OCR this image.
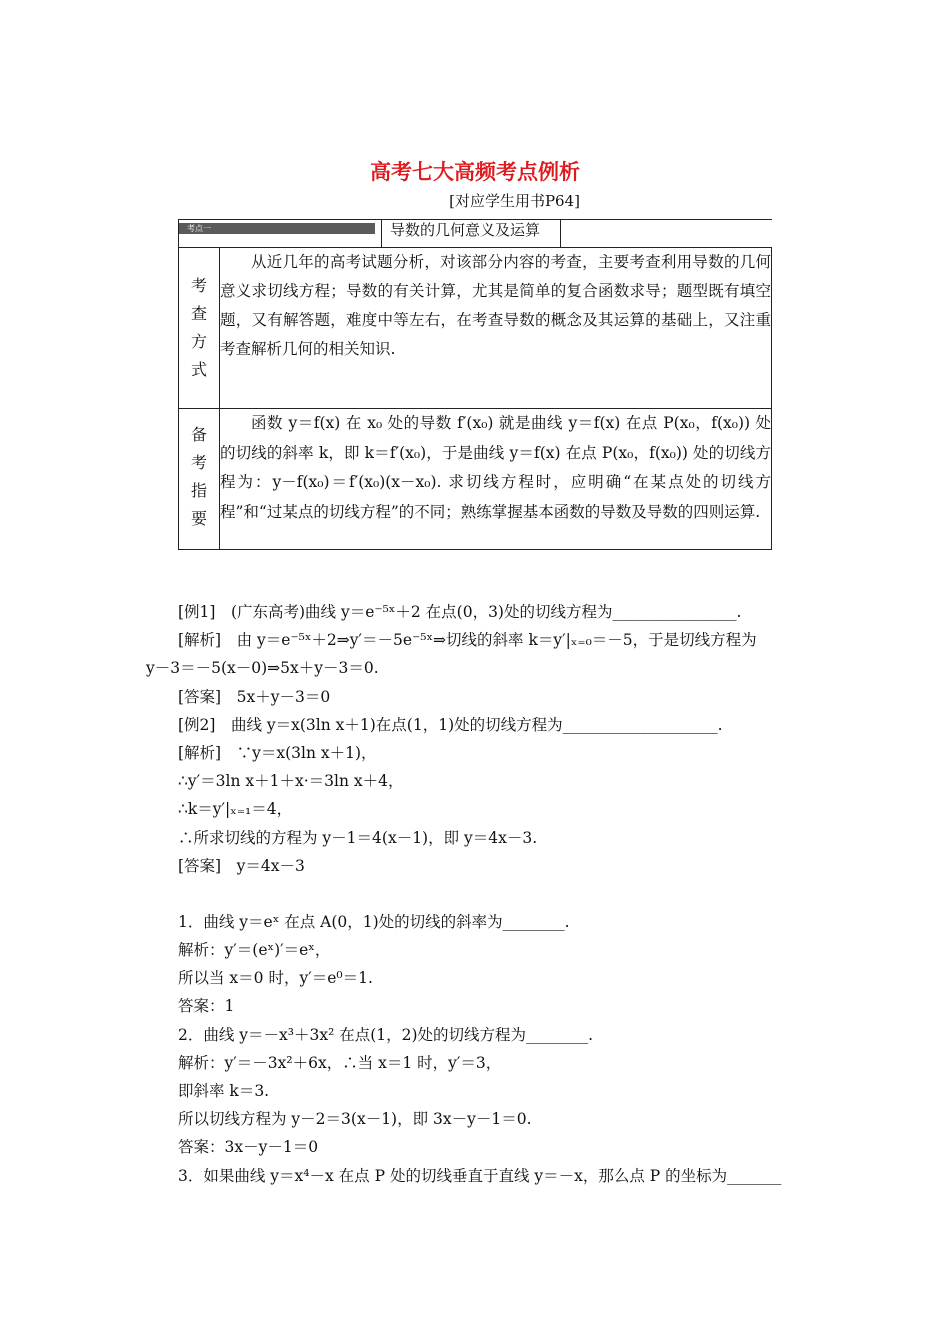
高考七大高频考点例析
[对应学生用书P64]
考点一 导数的几何意义及运算	

考
查
方
式	从近几年的高考试题分析，对该部分内容的考查，主要考查利用导数的几何意义求切线方程；导数的有关计算，尤其是简单的复合函数求导；题型既有填空题，又有解答题，难度中等左右，在考查导数的概念及其运算的基础上，又注重考查解析几何的相关知识.

备
考
指
要	函数 y＝f(x) 在 x₀ 处的导数 f′(x₀) 就是曲线 y＝f(x) 在点 P(x₀，f(x₀)) 处的切线的斜率 k，即 k＝f′(x₀)，于是曲线 y＝f(x) 在点 P(x₀，f(x₀)) 处的切线方程为：y－f(x₀)＝f′(x₀)(x－x₀). 求切线方程时，应明确“在某点处的切线方程”和“过某点的切线方程”的不同；熟练掌握基本函数的导数及导数的四则运算.

[例1]　(广东高考)曲线 y＝e⁻⁵ˣ＋2 在点(0，3)处的切线方程为________________.
[解析]　由 y＝e⁻⁵ˣ＋2⇒y′＝－5e⁻⁵ˣ⇒切线的斜率 k＝y′|ₓ₌₀＝－5，于是切线方程为
y－3＝－5(x－0)⇒5x＋y－3＝0.
[答案]　5x＋y－3＝0
[例2]　曲线 y＝x(3ln x＋1)在点(1，1)处的切线方程为____________________.
[解析]　∵y＝x(3ln x＋1)，
∴y′＝3ln x＋1＋x·＝3ln x＋4，
∴k＝y′|ₓ₌₁＝4，
∴所求切线的方程为 y－1＝4(x－1)，即 y＝4x－3.
[答案]　y＝4x－3
1．曲线 y＝eˣ 在点 A(0，1)处的切线的斜率为________.
解析：y′＝(eˣ)′＝eˣ，
所以当 x＝0 时，y′＝e⁰＝1.
答案：1
2．曲线 y＝－x³＋3x² 在点(1，2)处的切线方程为________.
解析：y′＝－3x²＋6x，∴当 x＝1 时，y′＝3，
即斜率 k＝3.
所以切线方程为 y－2＝3(x－1)，即 3x－y－1＝0.
答案：3x－y－1＝0
3．如果曲线 y＝x⁴－x 在点 P 处的切线垂直于直线 y＝－x，那么点 P 的坐标为_______
